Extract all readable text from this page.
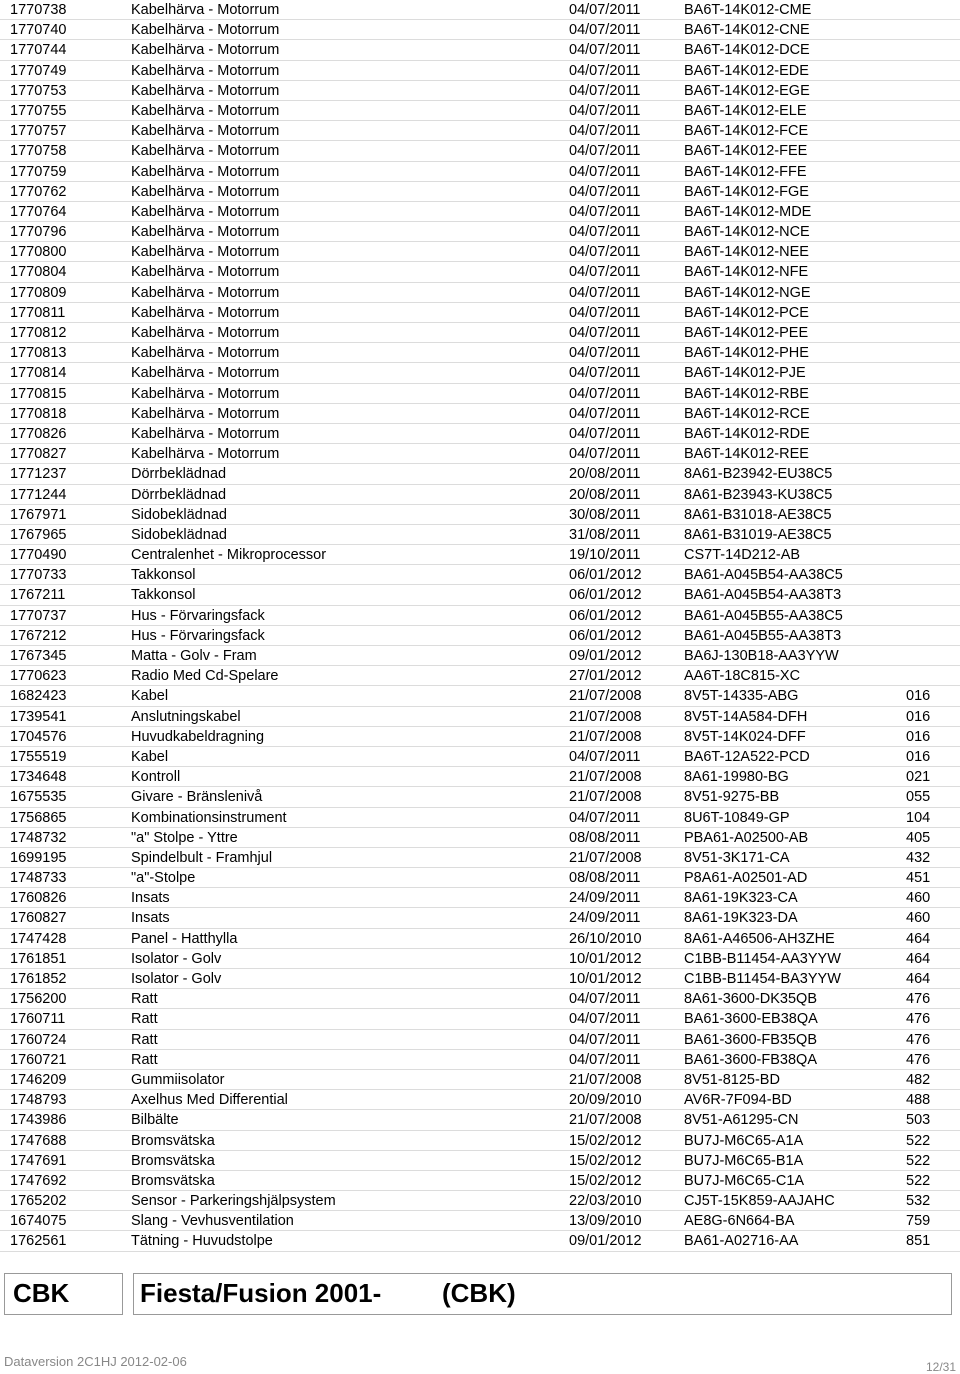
1770738	Kabelhärva - Motorrum	04/07/2011	BA6T-14K012-CME
1770740	Kabelhärva - Motorrum	04/07/2011	BA6T-14K012-CNE
1770744	Kabelhärva - Motorrum	04/07/2011	BA6T-14K012-DCE
1770749	Kabelhärva - Motorrum	04/07/2011	BA6T-14K012-EDE
1770753	Kabelhärva - Motorrum	04/07/2011	BA6T-14K012-EGE
1770755	Kabelhärva - Motorrum	04/07/2011	BA6T-14K012-ELE
1770757	Kabelhärva - Motorrum	04/07/2011	BA6T-14K012-FCE
1770758	Kabelhärva - Motorrum	04/07/2011	BA6T-14K012-FEE
1770759	Kabelhärva - Motorrum	04/07/2011	BA6T-14K012-FFE
1770762	Kabelhärva - Motorrum	04/07/2011	BA6T-14K012-FGE
1770764	Kabelhärva - Motorrum	04/07/2011	BA6T-14K012-MDE
1770796	Kabelhärva - Motorrum	04/07/2011	BA6T-14K012-NCE
1770800	Kabelhärva - Motorrum	04/07/2011	BA6T-14K012-NEE
1770804	Kabelhärva - Motorrum	04/07/2011	BA6T-14K012-NFE
1770809	Kabelhärva - Motorrum	04/07/2011	BA6T-14K012-NGE
1770811	Kabelhärva - Motorrum	04/07/2011	BA6T-14K012-PCE
1770812	Kabelhärva - Motorrum	04/07/2011	BA6T-14K012-PEE
1770813	Kabelhärva - Motorrum	04/07/2011	BA6T-14K012-PHE
1770814	Kabelhärva - Motorrum	04/07/2011	BA6T-14K012-PJE
1770815	Kabelhärva - Motorrum	04/07/2011	BA6T-14K012-RBE
1770818	Kabelhärva - Motorrum	04/07/2011	BA6T-14K012-RCE
1770826	Kabelhärva - Motorrum	04/07/2011	BA6T-14K012-RDE
1770827	Kabelhärva - Motorrum	04/07/2011	BA6T-14K012-REE
1771237	Dörrbeklädnad	20/08/2011	8A61-B23942-EU38C5
1771244	Dörrbeklädnad	20/08/2011	8A61-B23943-KU38C5
1767971	Sidobeklädnad	30/08/2011	8A61-B31018-AE38C5
1767965	Sidobeklädnad	31/08/2011	8A61-B31019-AE38C5
1770490	Centralenhet - Mikroprocessor	19/10/2011	CS7T-14D212-AB
1770733	Takkonsol	06/01/2012	BA61-A045B54-AA38C5
1767211	Takkonsol	06/01/2012	BA61-A045B54-AA38T3
1770737	Hus - Förvaringsfack	06/01/2012	BA61-A045B55-AA38C5
1767212	Hus - Förvaringsfack	06/01/2012	BA61-A045B55-AA38T3
1767345	Matta - Golv - Fram	09/01/2012	BA6J-130B18-AA3YYW
1770623	Radio Med Cd-Spelare	27/01/2012	AA6T-18C815-XC
1682423	Kabel	21/07/2008	8V5T-14335-ABG	016
1739541	Anslutningskabel	21/07/2008	8V5T-14A584-DFH	016
1704576	Huvudkabeldragning	21/07/2008	8V5T-14K024-DFF	016
1755519	Kabel	04/07/2011	BA6T-12A522-PCD	016
1734648	Kontroll	21/07/2008	8A61-19980-BG	021
1675535	Givare - Bränslenivå	21/07/2008	8V51-9275-BB	055
1756865	Kombinationsinstrument	04/07/2011	8U6T-10849-GP	104
1748732	"a" Stolpe - Yttre	08/08/2011	PBA61-A02500-AB	405
1699195	Spindelbult - Framhjul	21/07/2008	8V51-3K171-CA	432
1748733	"a"-Stolpe	08/08/2011	P8A61-A02501-AD	451
1760826	Insats	24/09/2011	8A61-19K323-CA	460
1760827	Insats	24/09/2011	8A61-19K323-DA	460
1747428	Panel - Hatthylla	26/10/2010	8A61-A46506-AH3ZHE	464
1761851	Isolator - Golv	10/01/2012	C1BB-B11454-AA3YYW	464
1761852	Isolator - Golv	10/01/2012	C1BB-B11454-BA3YYW	464
1756200	Ratt	04/07/2011	8A61-3600-DK35QB	476
1760711	Ratt	04/07/2011	BA61-3600-EB38QA	476
1760724	Ratt	04/07/2011	BA61-3600-FB35QB	476
1760721	Ratt	04/07/2011	BA61-3600-FB38QA	476
1746209	Gummiisolator	21/07/2008	8V51-8125-BD	482
1748793	Axelhus Med Differential	20/09/2010	AV6R-7F094-BD	488
1743986	Bilbälte	21/07/2008	8V51-A61295-CN	503
1747688	Bromsvätska	15/02/2012	BU7J-M6C65-A1A	522
1747691	Bromsvätska	15/02/2012	BU7J-M6C65-B1A	522
1747692	Bromsvätska	15/02/2012	BU7J-M6C65-C1A	522
1765202	Sensor - Parkeringshjälpsystem	22/03/2010	CJ5T-15K859-AAJAHC	532
1674075	Slang - Vevhusventilation	13/09/2010	AE8G-6N664-BA	759
1762561	Tätning - Huvudstolpe	09/01/2012	BA61-A02716-AA	851
CBK	Fiesta/Fusion 2001- (CBK)
Dataversion 2C1HJ 2012-02-06	12/31
